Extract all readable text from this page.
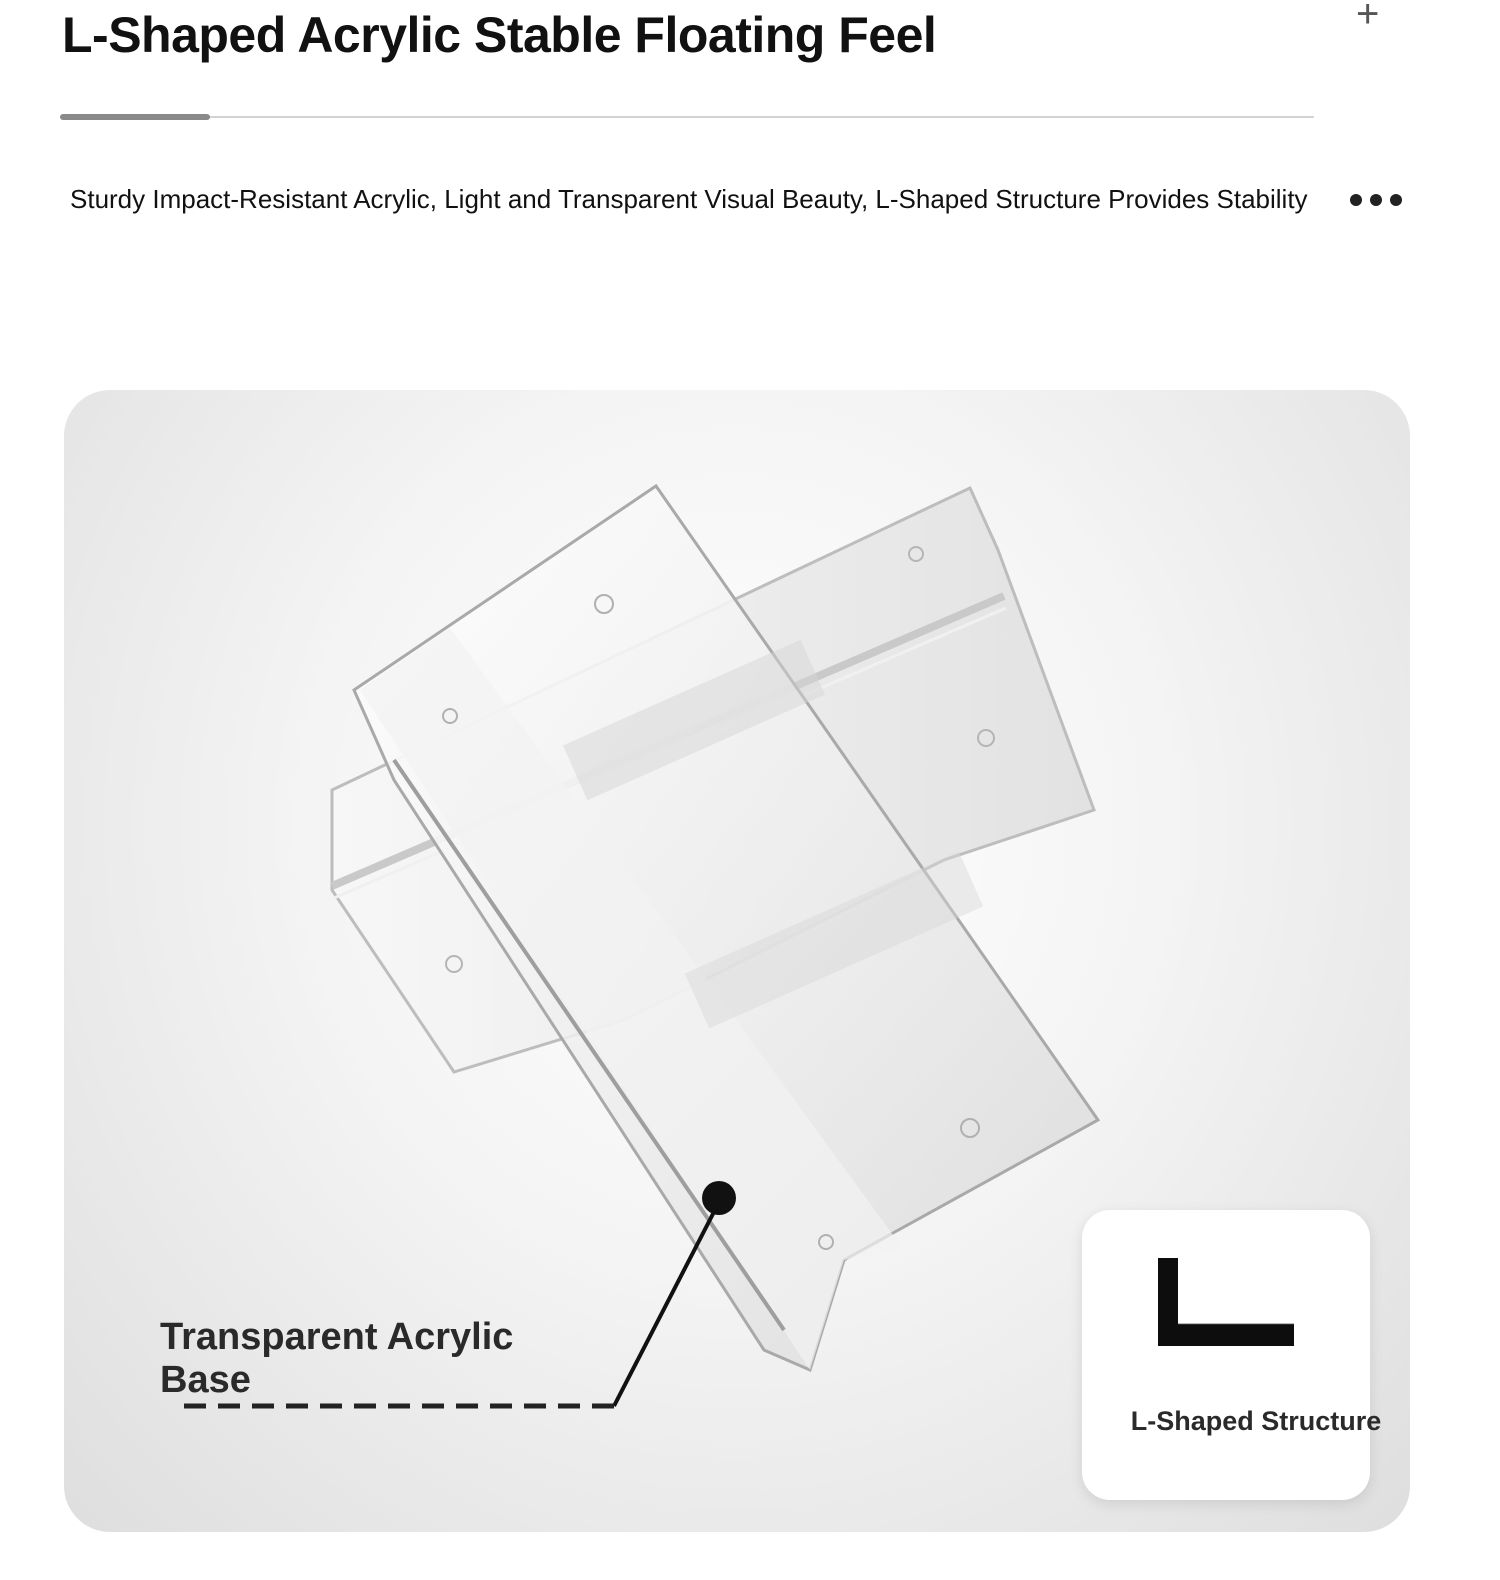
L-Shaped Acrylic Stable Floating Feel	+
Sturdy Impact-Resistant Acrylic, Light and Transparent Visual Beauty, L-Shaped Structure Provides Stability
Transparent Acrylic Base
L-Shaped Structure
